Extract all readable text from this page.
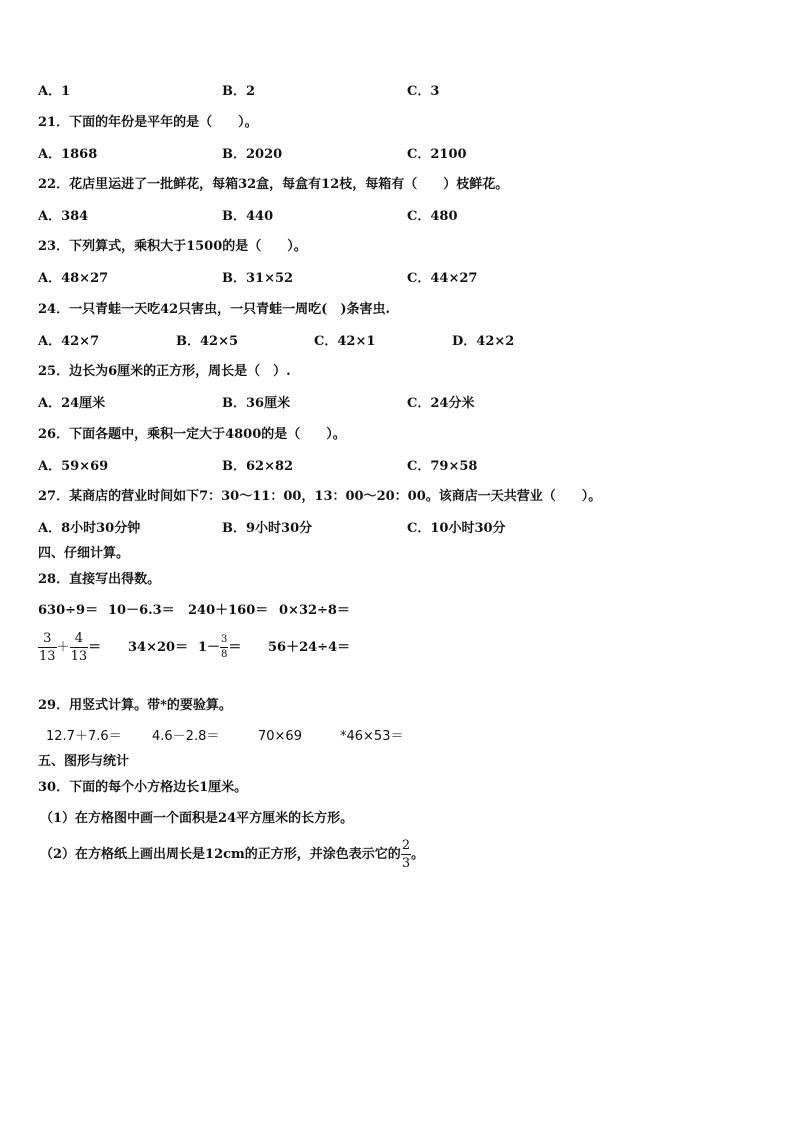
A．1	B．2	C．3
21．下面的年份是平年的是（　　）。
A．1868	B．2020	C．2100
22．花店里运进了一批鲜花，每箱32盒，每盒有12枝，每箱有（　　）枝鲜花。
A．384	B．440	C．480
23．下列算式，乘积大于1500的是（　　）。
A．48×27	B．31×52	C．44×27
24．一只青蛙一天吃42只害虫，一只青蛙一周吃(　)条害虫.
A．42×7	B．42×5	C．42×1	D．42×2
25．边长为6厘米的正方形，周长是（　）.
A．24厘米	B．36厘米	C．24分米
26．下面各题中，乘积一定大于4800的是（　　）。
A．59×69	B．62×82	C．79×58
27．某商店的营业时间如下7：30～11：00，13：00～20：00。该商店一天共营业（　　）。
A．8小时30分钟	B．9小时30分	C．10小时30分
四、仔细计算。
28．直接写出得数。
630÷9＝ 10－6.3＝ 240＋160＝ 0×32÷8＝
$\frac{3}{13} + \frac{4}{13} = 34\times 20= 1- \frac{3}{8} = 56+24\div 4=$
29．用竖式计算。带*的要验算。
12.7＋7.6＝ 4.6－2.8＝	70×69	*46×53＝
五、图形与统计
30．下面的每个小方格边长1厘米。
（1）在方格图中画一个面积是24平方厘米的长方形。
（2）在方格纸上画出周长是12cm的正方形，并涂色表示它的 $\frac{2}{3}$ 。
